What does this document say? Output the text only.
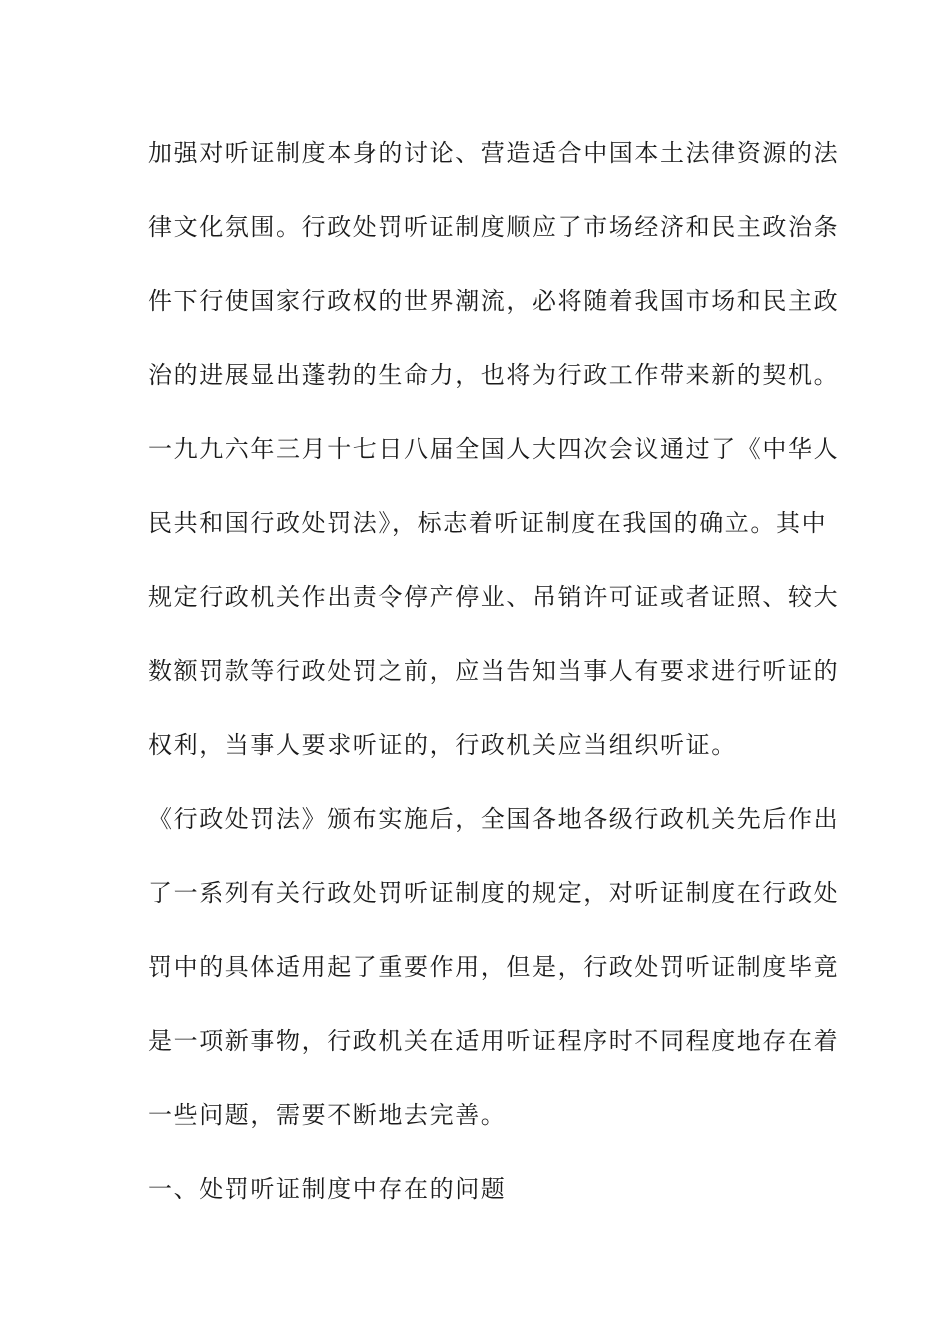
加强对听证制度本身的讨论、营造适合中国本土法律资源的法
律文化氛围。行政处罚听证制度顺应了市场经济和民主政治条
件下行使国家行政权的世界潮流，必将随着我国市场和民主政
治的进展显出蓬勃的生命力，也将为行政工作带来新的契机。
一九九六年三月十七日八届全国人大四次会议通过了《中华人
民共和国行政处罚法》，标志着听证制度在我国的确立。其中
规定行政机关作出责令停产停业、吊销许可证或者证照、较大
数额罚款等行政处罚之前，应当告知当事人有要求进行听证的
权利，当事人要求听证的，行政机关应当组织听证。
《行政处罚法》颁布实施后，全国各地各级行政机关先后作出
了一系列有关行政处罚听证制度的规定，对听证制度在行政处
罚中的具体适用起了重要作用，但是，行政处罚听证制度毕竟
是一项新事物，行政机关在适用听证程序时不同程度地存在着
一些问题，需要不断地去完善。
一、处罚听证制度中存在的问题
